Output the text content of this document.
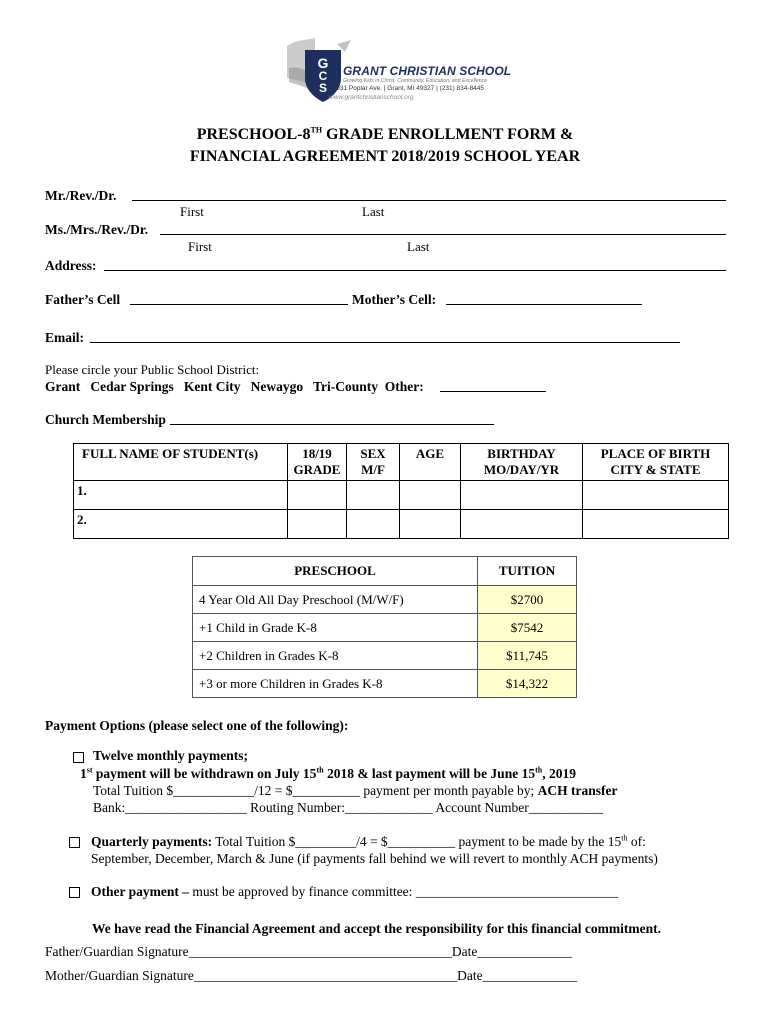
G
C
S
GRANT CHRISTIAN SCHOOL
Growing Kids in Christ, Community, Education, and Excellence
12931 Poplar Ave. | Grant, MI 49327 | (231) 834-8445
www.grantchristianschool.org
PRESCHOOL-8TH GRADE ENROLLMENT FORM &
FINANCIAL AGREEMENT 2018/2019 SCHOOL YEAR
Mr./Rev./Dr.
First	Last
Ms./Mrs./Rev./Dr.
First	Last
Address:
Father’s Cell	Mother’s Cell:
Email:
Please circle your Public School District:
Grant   Cedar Springs   Kent City   Newaygo   Tri-County  Other:
Church Membership
FULL NAME OF STUDENT(s)	18/19 GRADE	SEX M/F	AGE	BIRTHDAY MO/DAY/YR	PLACE OF BIRTH CITY & STATE
1.					
2.					
PRESCHOOL	TUITION
4 Year Old All Day Preschool (M/W/F)	$2700
+1 Child in Grade K-8	$7542
+2 Children in Grades K-8	$11,745
+3 or more Children in Grades K-8	$14,322
Payment Options (please select one of the following):
Twelve monthly payments;
1st payment will be withdrawn on July 15th 2018 & last payment will be June 15th, 2019
Total Tuition $____________/12 = $__________ payment per month payable by; ACH transfer
Bank:__________________ Routing Number:_____________ Account Number___________
Quarterly payments: Total Tuition $_________/4 = $__________ payment to be made by the 15th of:
September, December, March & June (if payments fall behind we will revert to monthly ACH payments)
Other payment – must be approved by finance committee: ______________________________
We have read the Financial Agreement and accept the responsibility for this financial commitment.
Father/Guardian Signature_______________________________________Date______________
Mother/Guardian Signature_______________________________________Date______________
